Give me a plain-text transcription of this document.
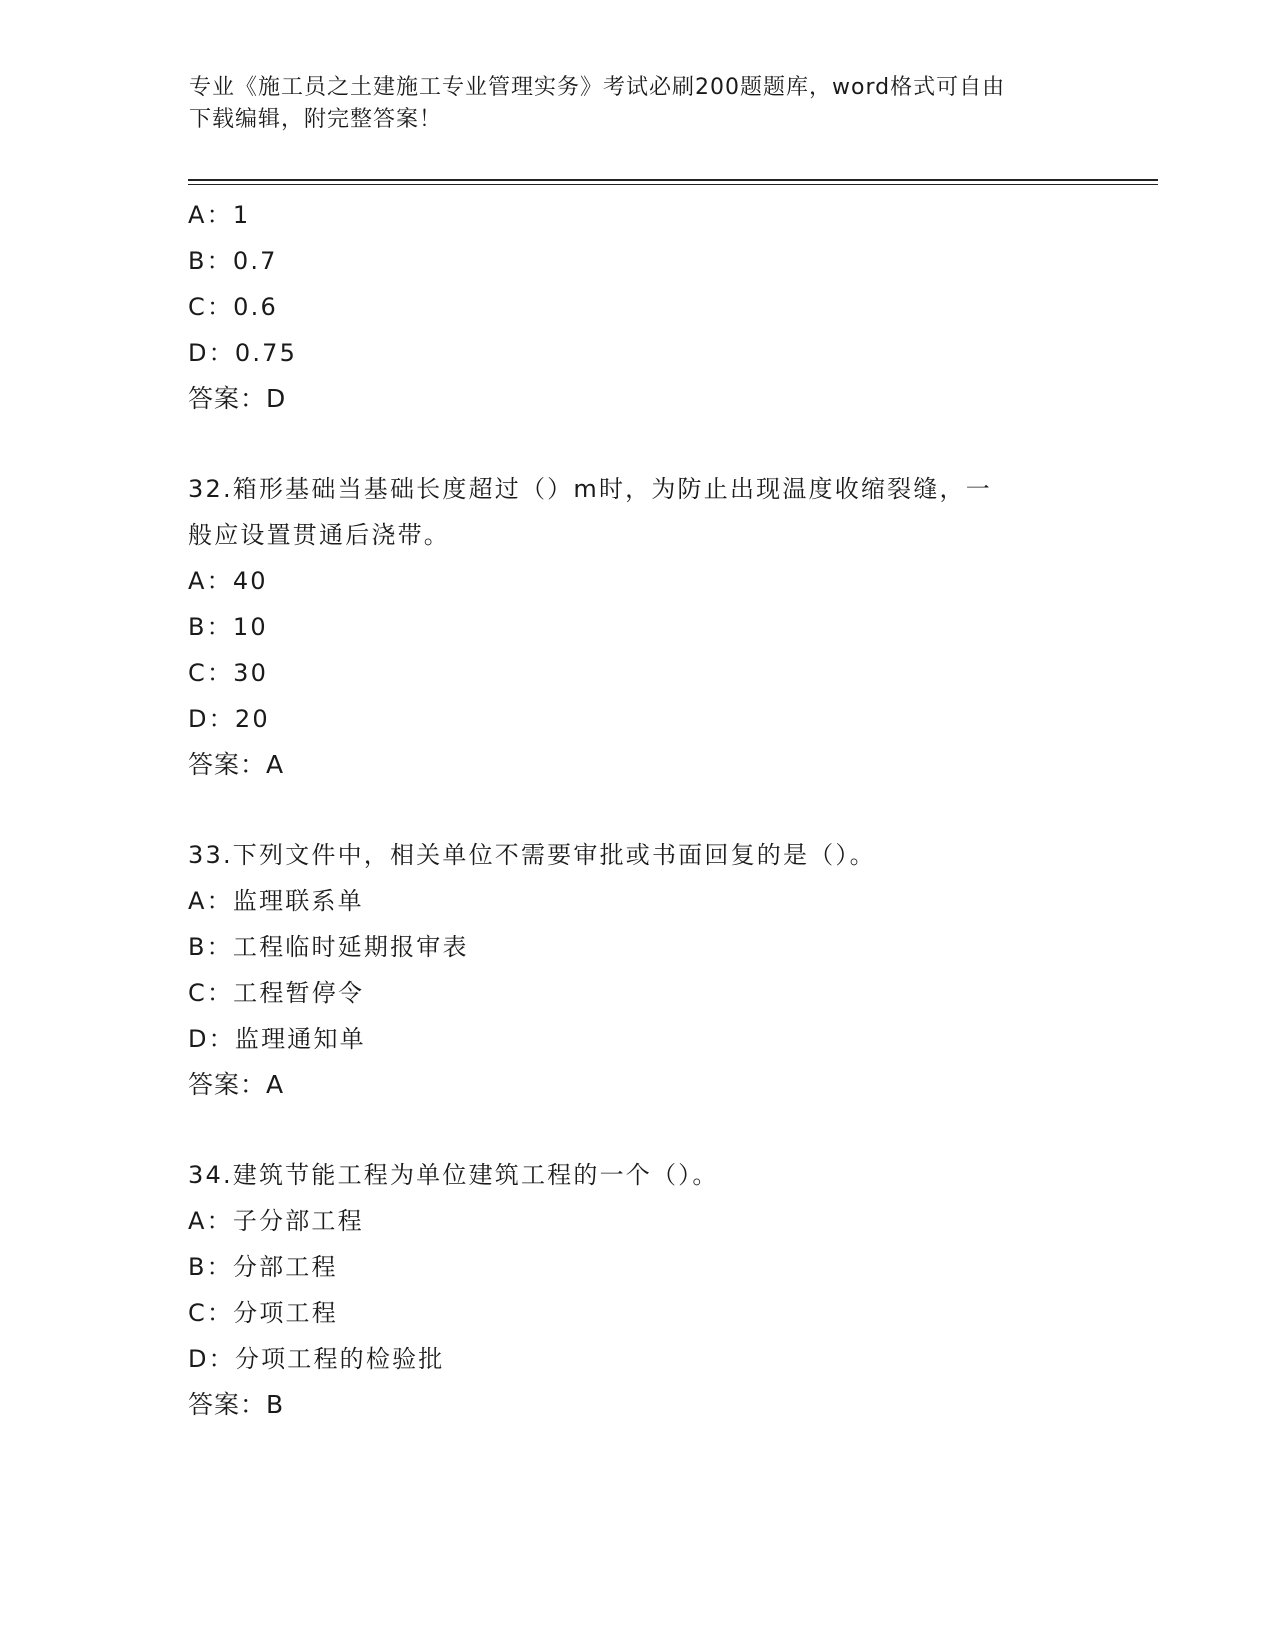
专业《施工员之土建施工专业管理实务》考试必刷200题题库，word格式可自由
下载编辑，附完整答案！
A：1
B：0.7
C：0.6
D：0.75
答案：D
32.箱形基础当基础长度超过（）m时，为防止出现温度收缩裂缝，一
般应设置贯通后浇带。
A：40
B：10
C：30
D：20
答案：A
33.下列文件中，相关单位不需要审批或书面回复的是（）。
A：监理联系单
B：工程临时延期报审表
C：工程暂停令
D：监理通知单
答案：A
34.建筑节能工程为单位建筑工程的一个（）。
A：子分部工程
B：分部工程
C：分项工程
D：分项工程的检验批
答案：B
